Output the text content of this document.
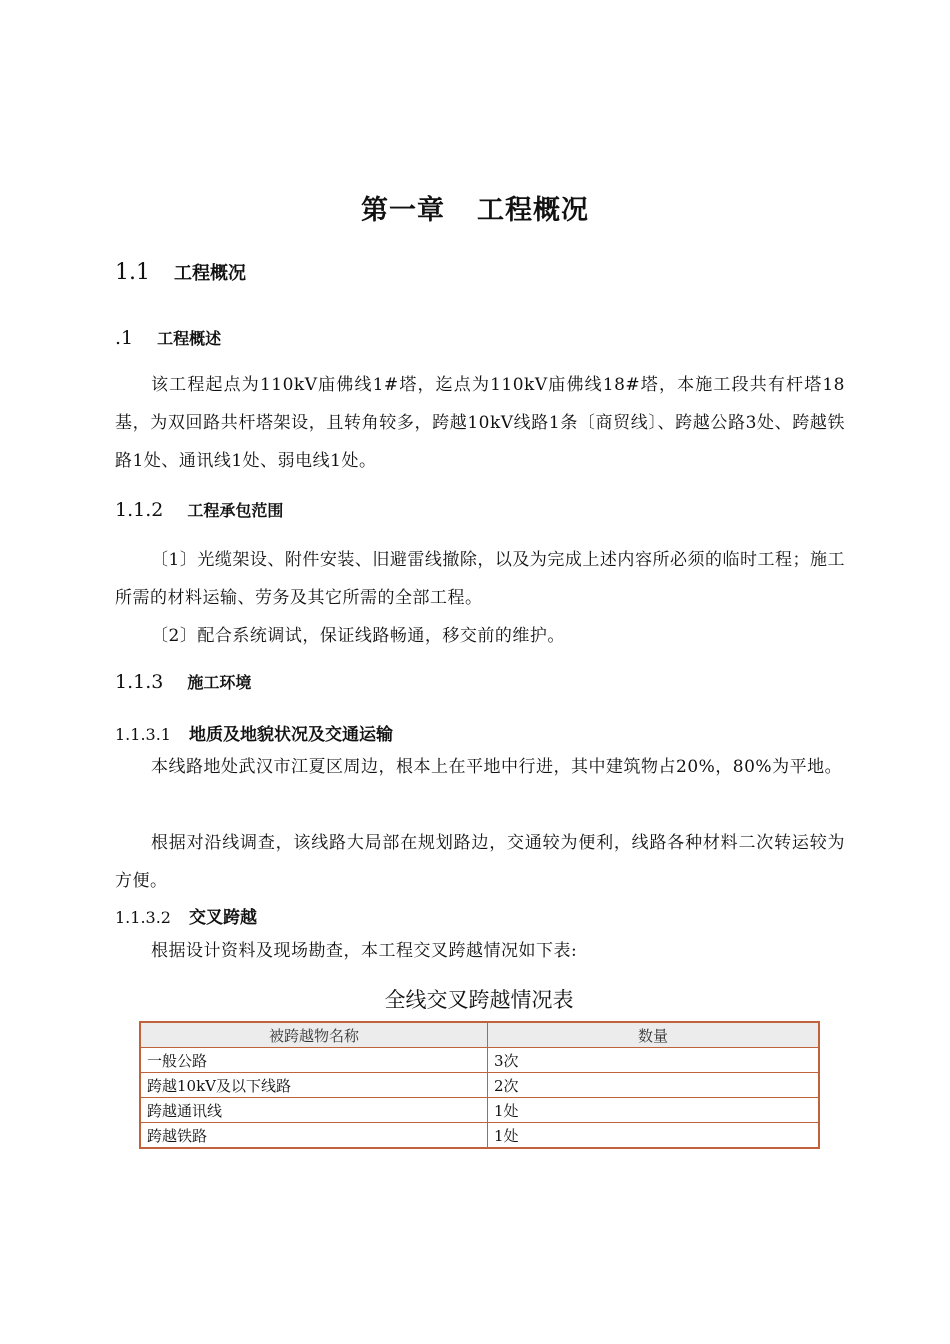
第一章 工程概况
1.1 工程概况
.1 工程概述
该工程起点为110kV庙佛线1#塔，迄点为110kV庙佛线18#塔，本施工段共有杆塔18基，为双回路共杆塔架设，且转角较多，跨越10kV线路1条〔商贸线〕、跨越公路3处、跨越铁路1处、通讯线1处、弱电线1处。
1.1.2 工程承包范围
〔1〕光缆架设、附件安装、旧避雷线撤除，以及为完成上述内容所必须的临时工程；施工所需的材料运输、劳务及其它所需的全部工程。
〔2〕配合系统调试，保证线路畅通，移交前的维护。
1.1.3 施工环境
1.1.3.1 地质及地貌状况及交通运输
本线路地处武汉市江夏区周边，根本上在平地中行进，其中建筑物占20%，80%为平地。
根据对沿线调查，该线路大局部在规划路边，交通较为便利，线路各种材料二次转运较为方便。
1.1.3.2 交叉跨越
根据设计资料及现场勘查，本工程交叉跨越情况如下表:
全线交叉跨越情况表
被跨越物名称	数量
一般公路	3次
跨越10kV及以下线路	2次
跨越通讯线	1处
跨越铁路	1处
